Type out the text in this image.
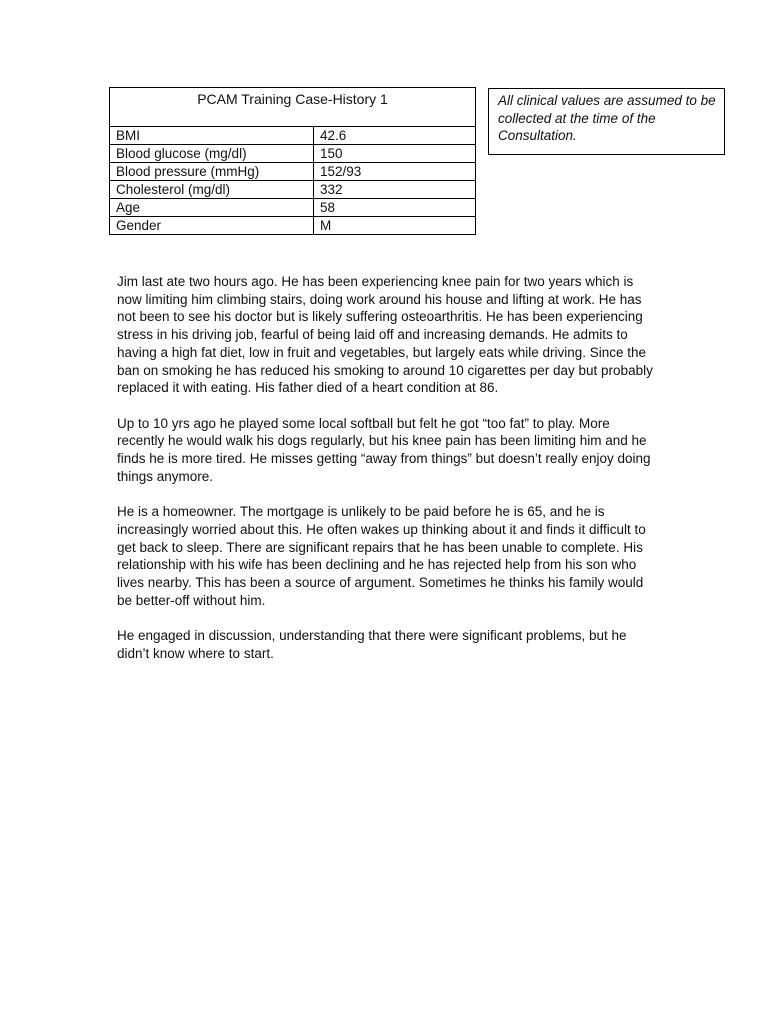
PCAM Training Case-History 1	
BMI	42.6
Blood glucose (mg/dl)	150
Blood pressure (mmHg)	152/93
Cholesterol (mg/dl)	332
Age	58
Gender	M
All clinical values are assumed to be collected at the time of the Consultation.

Jim last ate two hours ago. He has been experiencing knee pain for two years which is now limiting him climbing stairs, doing work around his house and lifting at work. He has not been to see his doctor but is likely suffering osteoarthritis. He has been experiencing stress in his driving job, fearful of being laid off and increasing demands. He admits to having a high fat diet, low in fruit and vegetables, but largely eats while driving. Since the ban on smoking he has reduced his smoking to around 10 cigarettes per day but probably replaced it with eating. His father died of a heart condition at 86.

Up to 10 yrs ago he played some local softball but felt he got “too fat” to play. More recently he would walk his dogs regularly, but his knee pain has been limiting him and he finds he is more tired. He misses getting “away from things” but doesn’t really enjoy doing things anymore.

He is a homeowner. The mortgage is unlikely to be paid before he is 65, and he is increasingly worried about this. He often wakes up thinking about it and finds it difficult to get back to sleep. There are significant repairs that he has been unable to complete. His relationship with his wife has been declining and he has rejected help from his son who lives nearby. This has been a source of argument. Sometimes he thinks his family would be better-off without him.

He engaged in discussion, understanding that there were significant problems, but he didn’t know where to start.
